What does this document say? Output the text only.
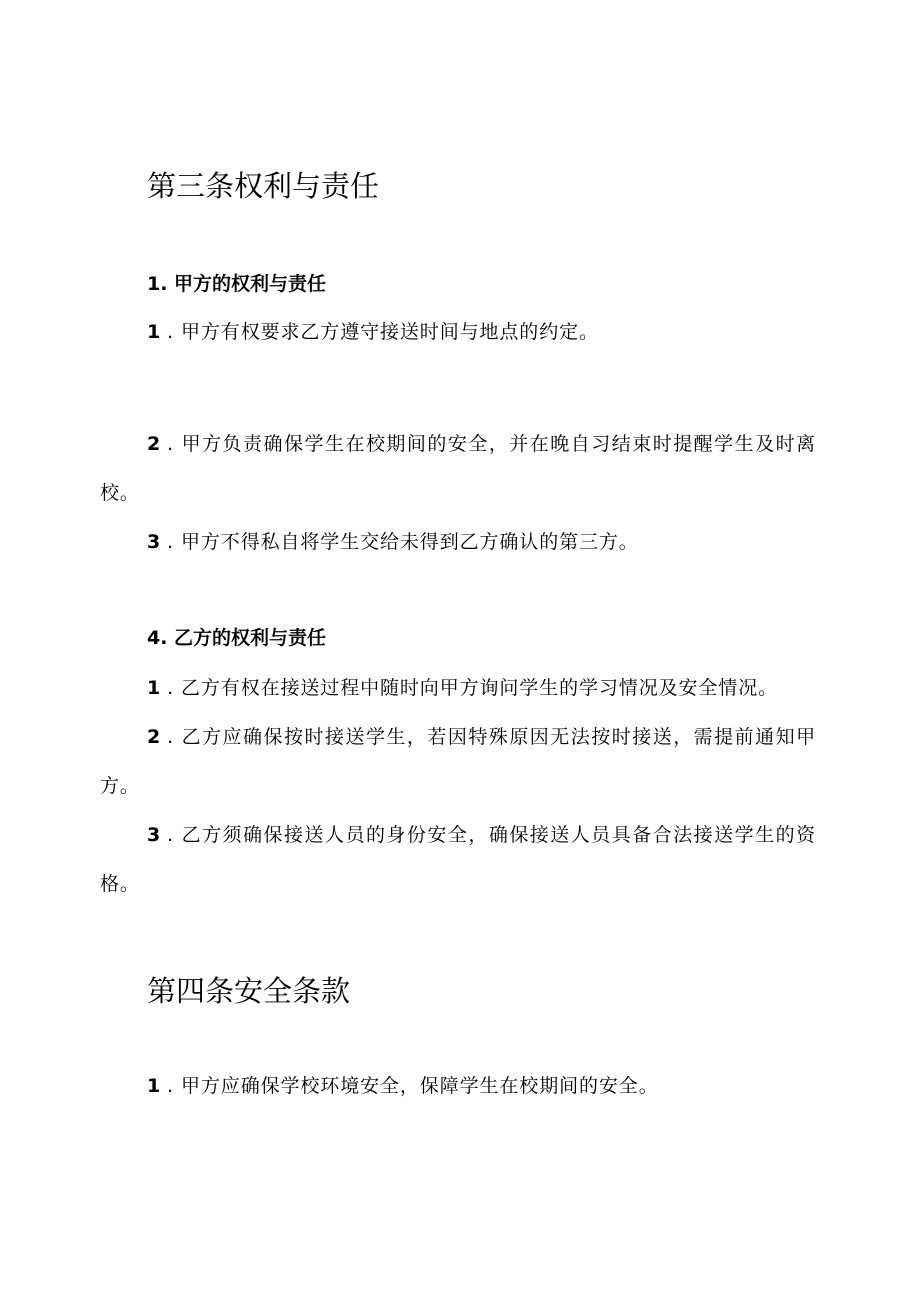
第三条权利与责任
1. 甲方的权利与责任
1 . 甲方有权要求乙方遵守接送时间与地点的约定。
2 . 甲方负责确保学生在校期间的安全，并在晚自习结束时提醒学生及时离校。
3 . 甲方不得私自将学生交给未得到乙方确认的第三方。
4. 乙方的权利与责任
1 . 乙方有权在接送过程中随时向甲方询问学生的学习情况及安全情况。
2 . 乙方应确保按时接送学生，若因特殊原因无法按时接送，需提前通知甲方。
3 . 乙方须确保接送人员的身份安全，确保接送人员具备合法接送学生的资格。
第四条安全条款
1 . 甲方应确保学校环境安全，保障学生在校期间的安全。
